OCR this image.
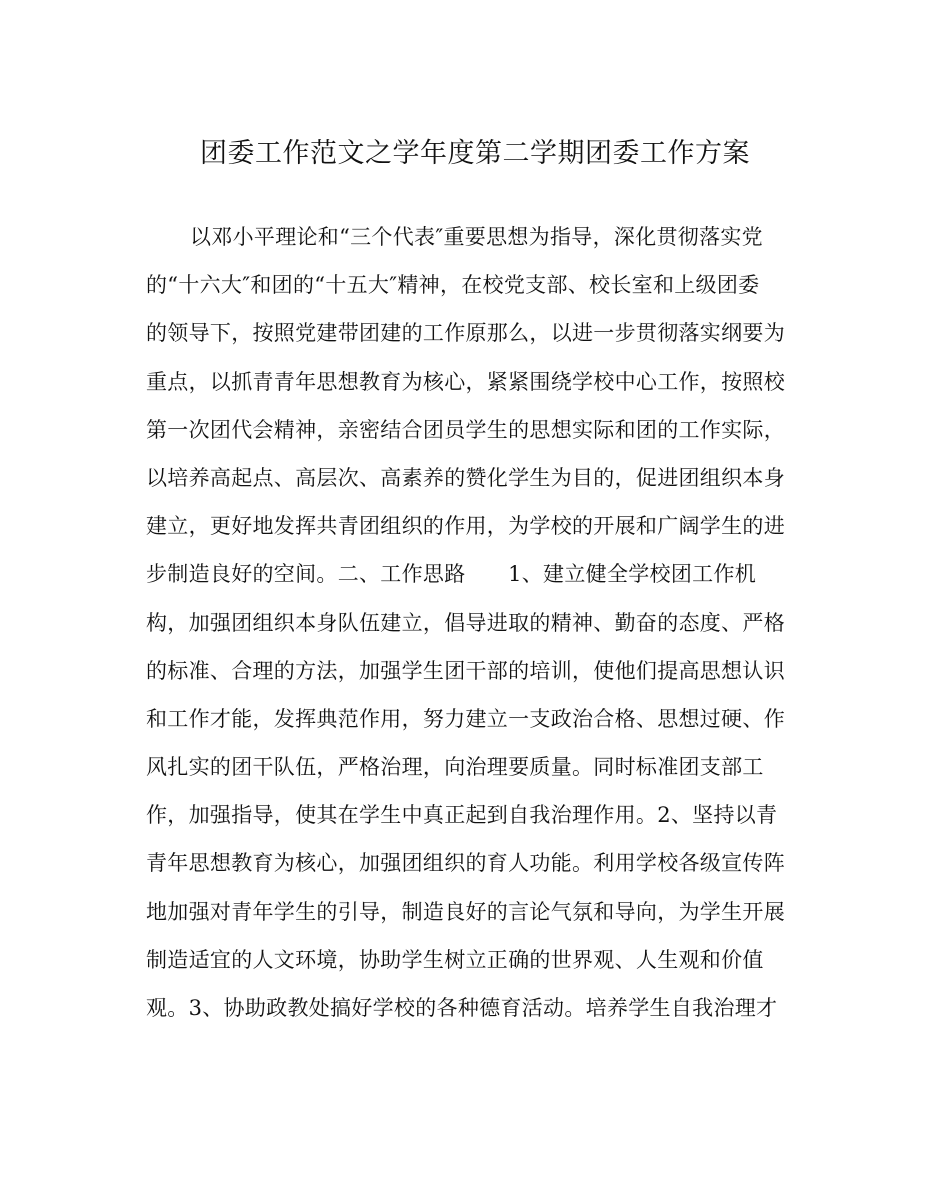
团委工作范文之学年度第二学期团委工作方案
以邓小平理论和“三个代表″重要思想为指导，深化贯彻落实党
的“十六大″和团的“十五大″精神，在校党支部、校长室和上级团委
的领导下，按照党建带团建的工作原那么，以进一步贯彻落实纲要为
重点，以抓青青年思想教育为核心，紧紧围绕学校中心工作，按照校
第一次团代会精神，亲密结合团员学生的思想实际和团的工作实际，
以培养高起点、高层次、高素养的赞化学生为目的，促进团组织本身
建立，更好地发挥共青团组织的作用，为学校的开展和广阔学生的进
步制造良好的空间。二、工作思路　　1、建立健全学校团工作机
构，加强团组织本身队伍建立，倡导进取的精神、勤奋的态度、严格
的标准、合理的方法，加强学生团干部的培训，使他们提高思想认识
和工作才能，发挥典范作用，努力建立一支政治合格、思想过硬、作
风扎实的团干队伍，严格治理，向治理要质量。同时标准团支部工
作，加强指导，使其在学生中真正起到自我治理作用。2、坚持以青
青年思想教育为核心，加强团组织的育人功能。利用学校各级宣传阵
地加强对青年学生的引导，制造良好的言论气氛和导向，为学生开展
制造适宜的人文环境，协助学生树立正确的世界观、人生观和价值
观。3、协助政教处搞好学校的各种德育活动。培养学生自我治理才
